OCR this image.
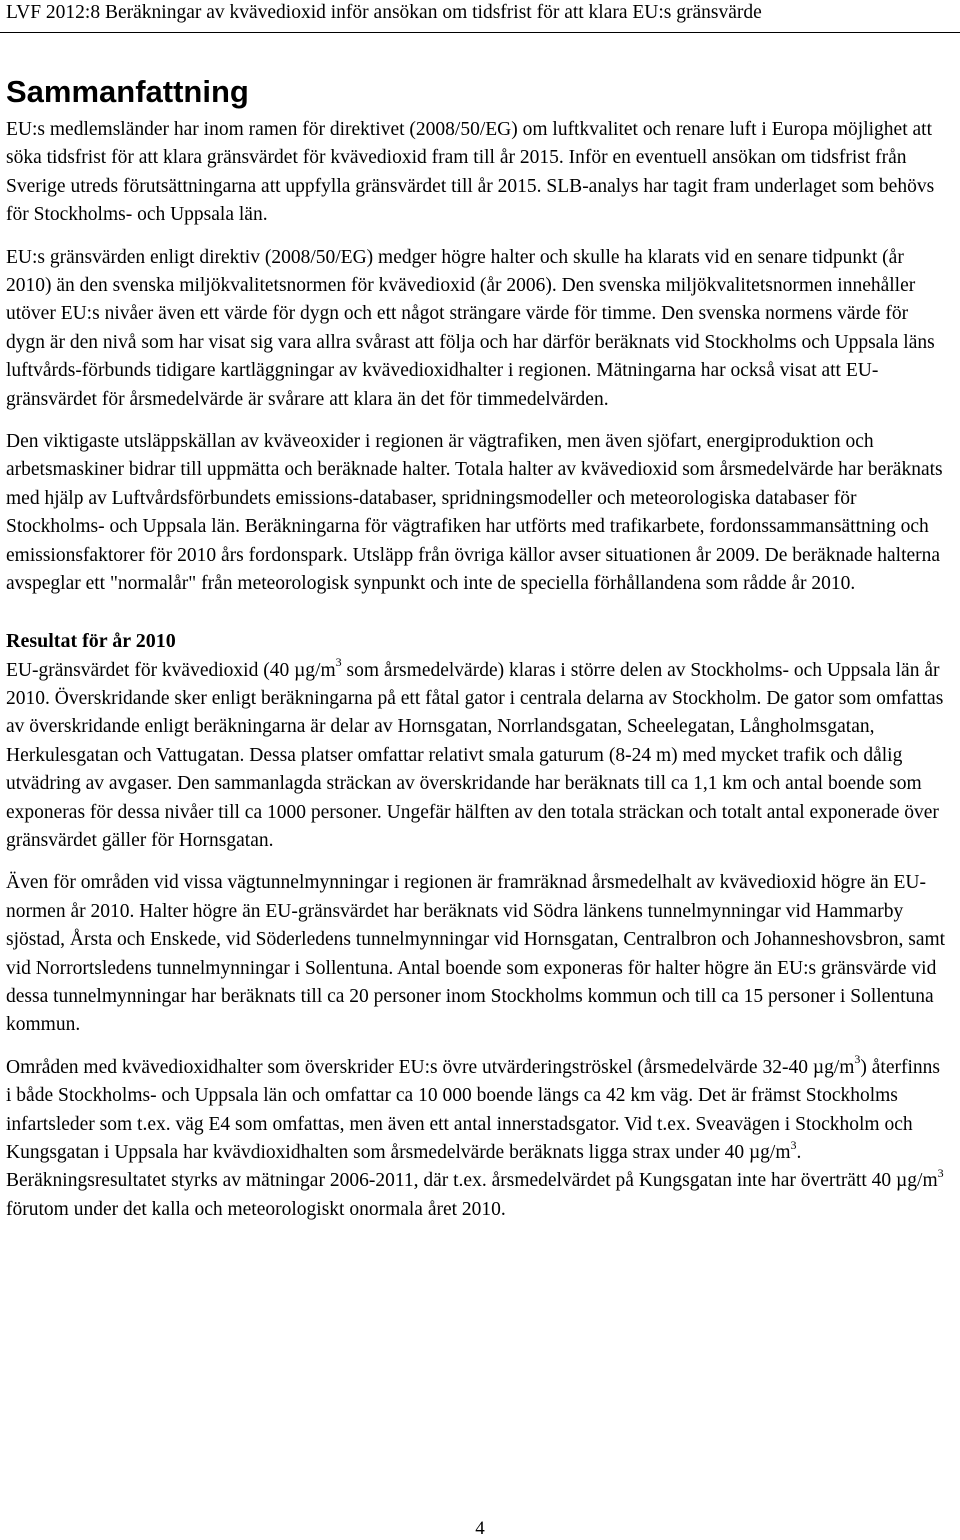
LVF 2012:8 Beräkningar av kvävedioxid inför ansökan om tidsfrist för att klara EU:s gränsvärde
Sammanfattning

EU:s medlemsländer har inom ramen för direktivet (2008/50/EG) om luftkvalitet och renare luft i Europa möjlighet att söka tidsfrist för att klara gränsvärdet för kvävedioxid fram till år 2015. Inför en eventuell ansökan om tidsfrist från Sverige utreds förutsättningarna att uppfylla gränsvärdet till år 2015. SLB-analys har tagit fram underlaget som behövs för Stockholms- och Uppsala län.

EU:s gränsvärden enligt direktiv (2008/50/EG) medger högre halter och skulle ha klarats vid en senare tidpunkt (år 2010) än den svenska miljökvalitetsnormen för kvävedioxid (år 2006). Den svenska miljökvalitetsnormen innehåller utöver EU:s nivåer även ett värde för dygn och ett något strängare värde för timme. Den svenska normens värde för dygn är den nivå som har visat sig vara allra svårast att följa och har därför beräknats vid Stockholms och Uppsala läns luftvårds-förbunds tidigare kartläggningar av kvävedioxidhalter i regionen. Mätningarna har också visat att EU-gränsvärdet för årsmedelvärde är svårare att klara än det för timmedelvärden.

Den viktigaste utsläppskällan av kväveoxider i regionen är vägtrafiken, men även sjöfart, energiproduktion och arbetsmaskiner bidrar till uppmätta och beräknade halter. Totala halter av kvävedioxid som årsmedelvärde har beräknats med hjälp av Luftvårdsförbundets emissions-databaser, spridningsmodeller och meteorologiska databaser för Stockholms- och Uppsala län. Beräkningarna för vägtrafiken har utförts med trafikarbete, fordonssammansättning och emissionsfaktorer för 2010 års fordonspark. Utsläpp från övriga källor avser situationen år 2009. De beräknade halterna avspeglar ett "normalår" från meteorologisk synpunkt och inte de speciella förhållandena som rådde år 2010.

Resultat för år 2010

EU-gränsvärdet för kvävedioxid (40 $\mu g/m^3$ som årsmedelvärde) klaras i större delen av Stockholms- och Uppsala län år 2010. Överskridande sker enligt beräkningarna på ett fåtal gator i centrala delarna av Stockholm. De gator som omfattas av överskridande enligt beräkningarna är delar av Hornsgatan, Norrlandsgatan, Scheelegatan, Långholmsgatan, Herkulesgatan och Vattugatan. Dessa platser omfattar relativt smala gaturum (8-24 m) med mycket trafik och dålig utvädring av avgaser. Den sammanlagda sträckan av överskridande har beräknats till ca 1,1 km och antal boende som exponeras för dessa nivåer till ca 1000 personer. Ungefär hälften av den totala sträckan och totalt antal exponerade över gränsvärdet gäller för Hornsgatan.

Även för områden vid vissa vägtunnelmynningar i regionen är framräknad årsmedelhalt av kvävedioxid högre än EU-normen år 2010. Halter högre än EU-gränsvärdet har beräknats vid Södra länkens tunnelmynningar vid Hammarby sjöstad, Årsta och Enskede, vid Söderledens tunnelmynningar vid Hornsgatan, Centralbron och Johanneshovsbron, samt vid Norrortsledens tunnelmynningar i Sollentuna. Antal boende som exponeras för halter högre än EU:s gränsvärde vid dessa tunnelmynningar har beräknats till ca 20 personer inom Stockholms kommun och till ca 15 personer i Sollentuna kommun.

Områden med kvävedioxidhalter som överskrider EU:s övre utvärderingströskel (årsmedelvärde 32-40 $\mu g/m^3$) återfinns i både Stockholms- och Uppsala län och omfattar ca 10 000 boende längs ca 42 km väg. Det är främst Stockholms infartsleder som t.ex. väg E4 som omfattas, men även ett antal innerstadsgator. Vid t.ex. Sveavägen i Stockholm och Kungsgatan i Uppsala har kvävdioxidhalten som årsmedelvärde beräknats ligga strax under 40 $\mu g/m^3$. Beräkningsresultatet styrks av mätningar 2006-2011, där t.ex. årsmedelvärdet på Kungsgatan inte har överträtt 40 $\mu g/m^3$ förutom under det kalla och meteorologiskt onormala året 2010.

4
